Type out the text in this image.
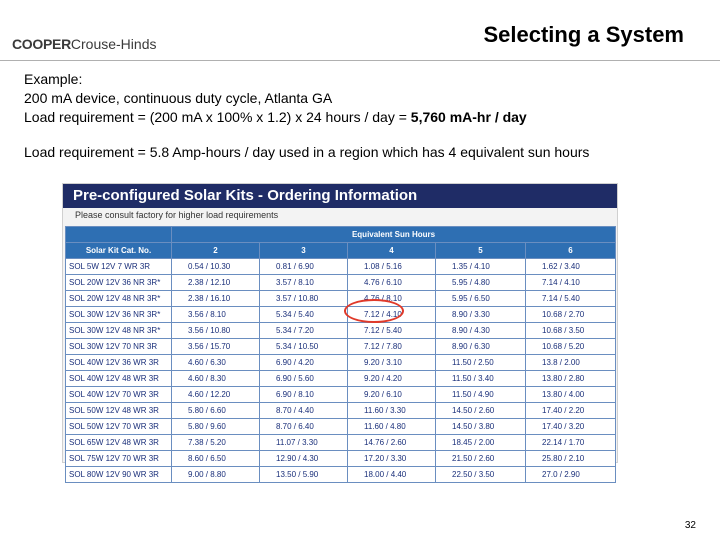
COOPERCrouse-Hinds	Selecting a System

Example:

200 mA device, continuous duty cycle, Atlanta GA

Load requirement = (200 mA x 100% x 1.2) x 24 hours / day = 5,760 mA-hr / day

Load requirement = 5.8 Amp-hours / day used in a region which has 4 equivalent sun hours

Pre-configured Solar Kits - Ordering Information
Please consult factory for higher load requirements
	Equivalent Sun Hours				
Solar Kit Cat. No.	2	3	4	5	6
SOL 5W 12V 7 WR 3R	0.54 / 10.30	0.81 / 6.90	1.08 / 5.16	1.35 / 4.10	1.62 / 3.40
SOL 20W 12V 36 NR 3R*	2.38 / 12.10	3.57 / 8.10	4.76 / 6.10	5.95 / 4.80	7.14 / 4.10
SOL 20W 12V 48 NR 3R*	2.38 / 16.10	3.57 / 10.80	4.76 / 8.10	5.95 / 6.50	7.14 / 5.40
SOL 30W 12V 36 NR 3R*	3.56 / 8.10	5.34 / 5.40	7.12 / 4.10	8.90 / 3.30	10.68 / 2.70
SOL 30W 12V 48 NR 3R*	3.56 / 10.80	5.34 / 7.20	7.12 / 5.40	8.90 / 4.30	10.68 / 3.50
SOL 30W 12V 70 NR 3R	3.56 / 15.70	5.34 / 10.50	7.12 / 7.80	8.90 / 6.30	10.68 / 5.20
SOL 40W 12V 36 WR 3R	4.60 / 6.30	6.90 / 4.20	9.20 / 3.10	11.50 / 2.50	13.8 / 2.00
SOL 40W 12V 48 WR 3R	4.60 / 8.30	6.90 / 5.60	9.20 / 4.20	11.50 / 3.40	13.80 / 2.80
SOL 40W 12V 70 WR 3R	4.60 / 12.20	6.90 / 8.10	9.20 / 6.10	11.50 / 4.90	13.80 / 4.00
SOL 50W 12V 48 WR 3R	5.80 / 6.60	8.70 / 4.40	11.60 / 3.30	14.50 / 2.60	17.40 / 2.20
SOL 50W 12V 70 WR 3R	5.80 / 9.60	8.70 / 6.40	11.60 / 4.80	14.50 / 3.80	17.40 / 3.20
SOL 65W 12V 48 WR 3R	7.38 / 5.20	11.07 / 3.30	14.76 / 2.60	18.45 / 2.00	22.14 / 1.70
SOL 75W 12V 70 WR 3R	8.60 / 6.50	12.90 / 4.30	17.20 / 3.30	21.50 / 2.60	25.80 / 2.10
SOL 80W 12V 90 WR 3R	9.00 / 8.80	13.50 / 5.90	18.00 / 4.40	22.50 / 3.50	27.0 / 2.90
32
